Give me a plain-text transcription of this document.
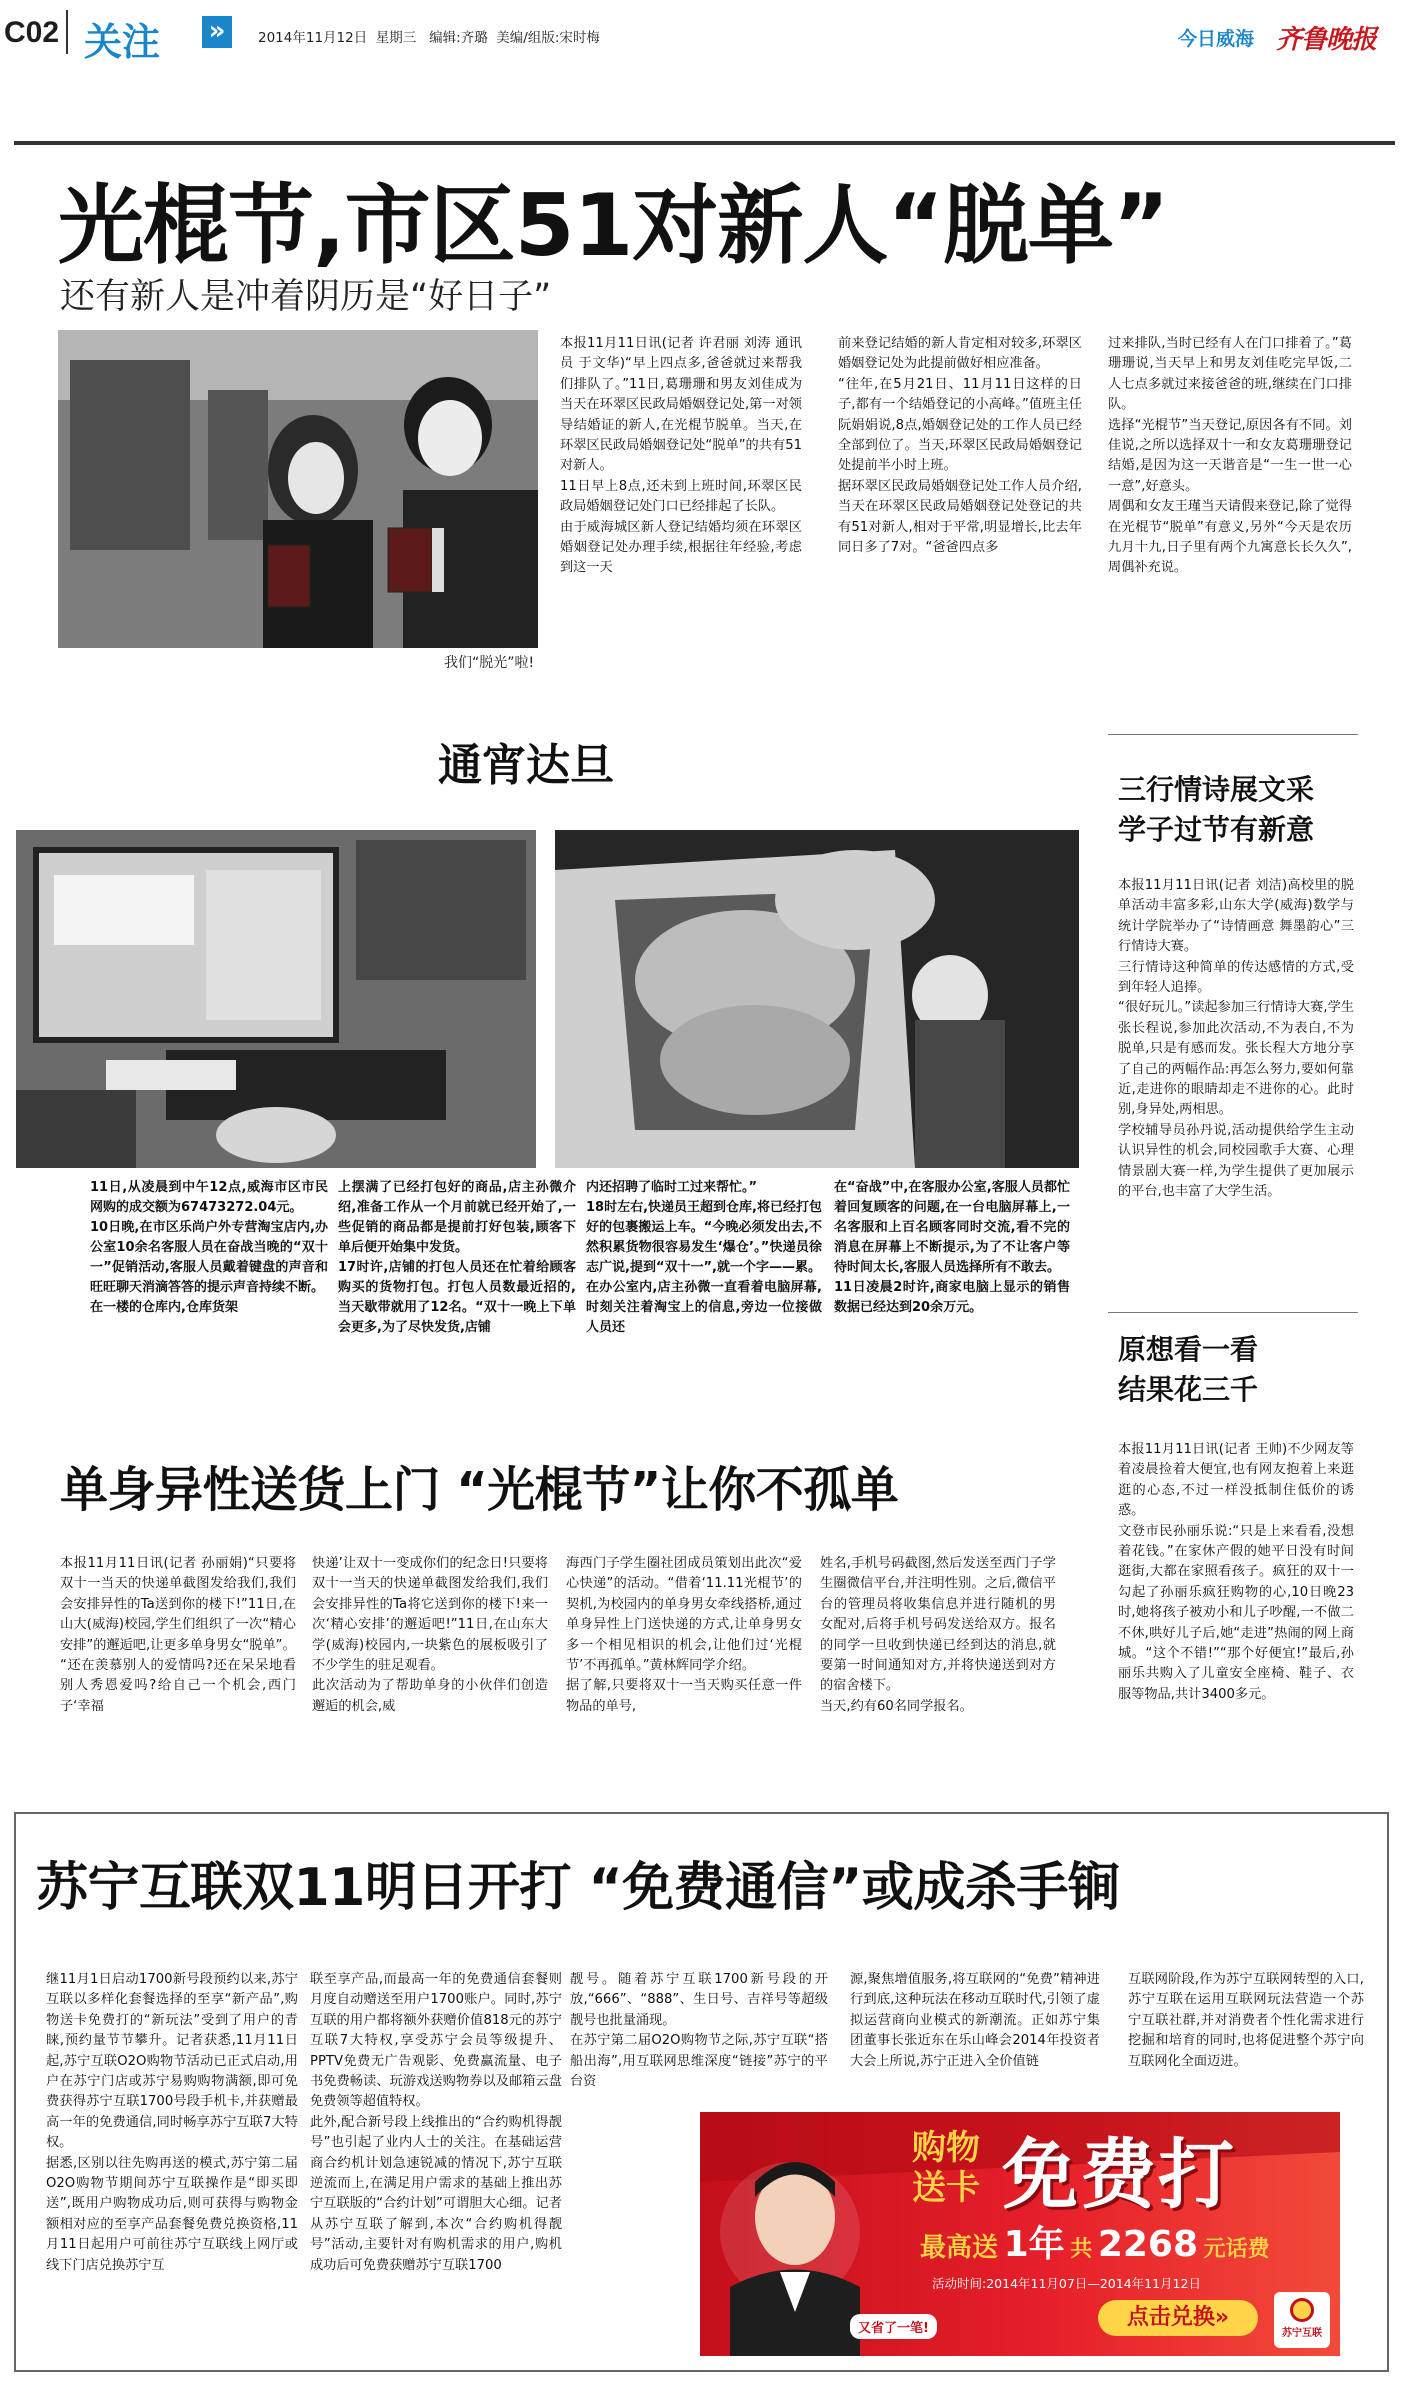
C02 关注 »	2014年11月12日  星期三   编辑:齐璐  美编/组版:宋时梅	今日威海 齐鲁晚报
光棍节,市区51对新人“脱单”
还有新人是冲着阴历是“好日子”
我们“脱光”啦!
本报11月11日讯(记者 许君丽 刘涛 通讯员 于文华)“早上四点多,爸爸就过来帮我们排队了。”11日,葛珊珊和男友刘佳成为当天在环翠区民政局婚姻登记处,第一对领导结婚证的新人,在光棍节脱单。当天,在环翠区民政局婚姻登记处“脱单”的共有51对新人。
11日早上8点,还未到上班时间,环翠区民政局婚姻登记处门口已经排起了长队。
由于威海城区新人登记结婚均须在环翠区婚姻登记处办理手续,根据往年经验,考虑到这一天
前来登记结婚的新人肯定相对较多,环翠区婚姻登记处为此提前做好相应准备。
“往年,在5月21日、11月11日这样的日子,都有一个结婚登记的小高峰。”值班主任阮娟娟说,8点,婚姻登记处的工作人员已经全部到位了。当天,环翠区民政局婚姻登记处提前半小时上班。
据环翠区民政局婚姻登记处工作人员介绍,当天在环翠区民政局婚姻登记处登记的共有51对新人,相对于平常,明显增长,比去年同日多了7对。“爸爸四点多
过来排队,当时已经有人在门口排着了。”葛珊珊说,当天早上和男友刘佳吃完早饭,二人七点多就过来接爸爸的班,继续在门口排队。
选择“光棍节”当天登记,原因各有不同。刘佳说,之所以选择双十一和女友葛珊珊登记结婚,是因为这一天谐音是“一生一世一心一意”,好意头。
周偶和女友王瑾当天请假来登记,除了觉得在光棍节“脱单”有意义,另外“今天是农历九月十九,日子里有两个九寓意长长久久”,周偶补充说。
通宵达旦
11日,从凌晨到中午12点,威海市区市民网购的成交额为67473272.04元。
10日晚,在市区乐尚户外专营淘宝店内,办公室10余名客服人员在奋战当晚的“双十一”促销活动,客服人员戴着键盘的声音和旺旺聊天消滴答答的提示声音持续不断。
在一楼的仓库内,仓库货架
上摆满了已经打包好的商品,店主孙微介绍,准备工作从一个月前就已经开始了,一些促销的商品都是提前打好包装,顾客下单后便开始集中发货。
17时许,店铺的打包人员还在忙着给顾客购买的货物打包。打包人员数最近招的,当天歇带就用了12名。“双十一晚上下单会更多,为了尽快发货,店铺
内还招聘了临时工过来帮忙。”
18时左右,快递员王超到仓库,将已经打包好的包裹搬运上车。“今晚必须发出去,不然积累货物很容易发生‘爆仓’。”快递员徐志广说,提到“双十一”,就一个字——累。
在办公室内,店主孙微一直看着电脑屏幕,时刻关注着淘宝上的信息,旁边一位接做人员还
在“奋战”中,在客服办公室,客服人员都忙着回复顾客的问题,在一台电脑屏幕上,一名客服和上百名顾客同时交流,看不完的消息在屏幕上不断提示,为了不让客户等待时间太长,客服人员选择所有不敢去。
11日凌晨2时许,商家电脑上显示的销售数据已经达到20余万元。
三行情诗展文采
学子过节有新意
本报11月11日讯(记者 刘洁)高校里的脱单活动丰富多彩,山东大学(威海)数学与统计学院举办了“诗情画意 舞墨韵心”三行情诗大赛。
三行情诗这种简单的传达感情的方式,受到年轻人追捧。
“很好玩儿。”读起参加三行情诗大赛,学生张长程说,参加此次活动,不为表白,不为脱单,只是有感而发。张长程大方地分享了自己的两幅作品:再怎么努力,要如何靠近,走进你的眼睛却走不进你的心。此时别,身异处,两相思。
学校辅导员孙丹说,活动提供给学生主动认识异性的机会,同校园歌手大赛、心理情景剧大赛一样,为学生提供了更加展示的平台,也丰富了大学生活。
原想看一看
结果花三千
本报11月11日讯(记者 王帅)不少网友等着凌晨捡着大便宜,也有网友抱着上来逛逛的心态,不过一样没抵制住低价的诱惑。
文登市民孙丽乐说:“只是上来看看,没想着花钱。”在家休产假的她平日没有时间逛街,大都在家照看孩子。疯狂的双十一勾起了孙丽乐疯狂购物的心,10日晚23时,她将孩子被劝小和儿子吵醒,一不做二不休,哄好儿子后,她“走进”热闹的网上商城。“这个不错!”“那个好便宜!”最后,孙丽乐共购入了儿童安全座椅、鞋子、衣服等物品,共计3400多元。
单身异性送货上门 “光棍节”让你不孤单
本报11月11日讯(记者 孙丽娟)“只要将双十一当天的快递单截图发给我们,我们会安排异性的Ta送到你的楼下!”11日,在山大(威海)校园,学生们组织了一次“精心安排”的邂逅吧,让更多单身男女“脱单”。
“还在羡慕别人的爱情吗?还在呆呆地看别人秀恩爱吗?给自己一个机会,西门子‘幸福
快递’让双十一变成你们的纪念日!只要将双十一当天的快递单截图发给我们,我们会安排异性的Ta将它送到你的楼下!来一次‘精心安排’的邂逅吧!”11日,在山东大学(威海)校园内,一块紫色的展板吸引了不少学生的驻足观看。
此次活动为了帮助单身的小伙伴们创造邂逅的机会,威
海西门子学生圈社团成员策划出此次“爱心快递”的活动。“借着‘11.11光棍节’的契机,为校园内的单身男女牵线搭桥,通过单身异性上门送快递的方式,让单身男女多一个相见相识的机会,让他们过‘光棍节’不再孤单。”黄林辉同学介绍。
据了解,只要将双十一当天购买任意一件物品的单号,
姓名,手机号码截图,然后发送至西门子学生圈微信平台,并注明性别。之后,微信平台的管理员将收集信息并进行随机的男女配对,后将手机号码发送给双方。报名的同学一旦收到快递已经到达的消息,就要第一时间通知对方,并将快递送到对方的宿舍楼下。
当天,约有60名同学报名。
苏宁互联双11明日开打 “免费通信”或成杀手锏
继11月1日启动1700新号段预约以来,苏宁互联以多样化套餐选择的至享“新产品”,购物送卡免费打的“新玩法”受到了用户的青睐,预约量节节攀升。记者获悉,11月11日起,苏宁互联O2O购物节活动已正式启动,用户在苏宁门店或苏宁易购购物满额,即可免费获得苏宁互联1700号段手机卡,并获赠最高一年的免费通信,同时畅享苏宁互联7大特权。
据悉,区别以往先购再送的模式,苏宁第二届O2O购物节期间苏宁互联操作是“即买即送”,既用户购物成功后,则可获得与购物金额相对应的至享产品套餐免费兑换资格,11月11日起用户可前往苏宁互联线上网厅或线下门店兑换苏宁互
联至享产品,而最高一年的免费通信套餐则月度自动赠送至用户1700账户。同时,苏宁互联的用户都将额外获赠价值818元的苏宁互联7大特权,享受苏宁会员等级提升、PPTV免费无广告观影、免费赢流量、电子书免费畅读、玩游戏送购物券以及邮箱云盘免费领等超值特权。
此外,配合新号段上线推出的“合约购机得靓号”也引起了业内人士的关注。在基础运营商合约机计划急速锐减的情况下,苏宁互联逆流而上,在满足用户需求的基础上推出苏宁互联版的“合约计划”可谓胆大心细。记者从苏宁互联了解到,本次“合约购机得靓号”活动,主要针对有购机需求的用户,购机成功后可免费获赠苏宁互联1700
靓号。随着苏宁互联1700新号段的开放,“666”、“888”、生日号、吉祥号等超级靓号也批量涌现。
在苏宁第二届O2O购物节之际,苏宁互联“搭船出海”,用互联网思维深度“链接”苏宁的平台资
源,聚焦增值服务,将互联网的“免费”精神进行到底,这种玩法在移动互联时代,引领了虚拟运营商向业模式的新潮流。正如苏宁集团董事长张近东在乐山峰会2014年投资者大会上所说,苏宁正进入全价值链
互联网阶段,作为苏宁互联网转型的入口,苏宁互联在运用互联网玩法营造一个苏宁互联社群,并对消费者个性化需求进行挖掘和培育的同时,也将促进整个苏宁向互联网化全面迈进。
又省了一笔!
购物
送卡 免费打
最高送 1年 共 2268 元话费
活动时间:2014年11月07日—2014年11月12日
点击兑换»
苏宁互联
